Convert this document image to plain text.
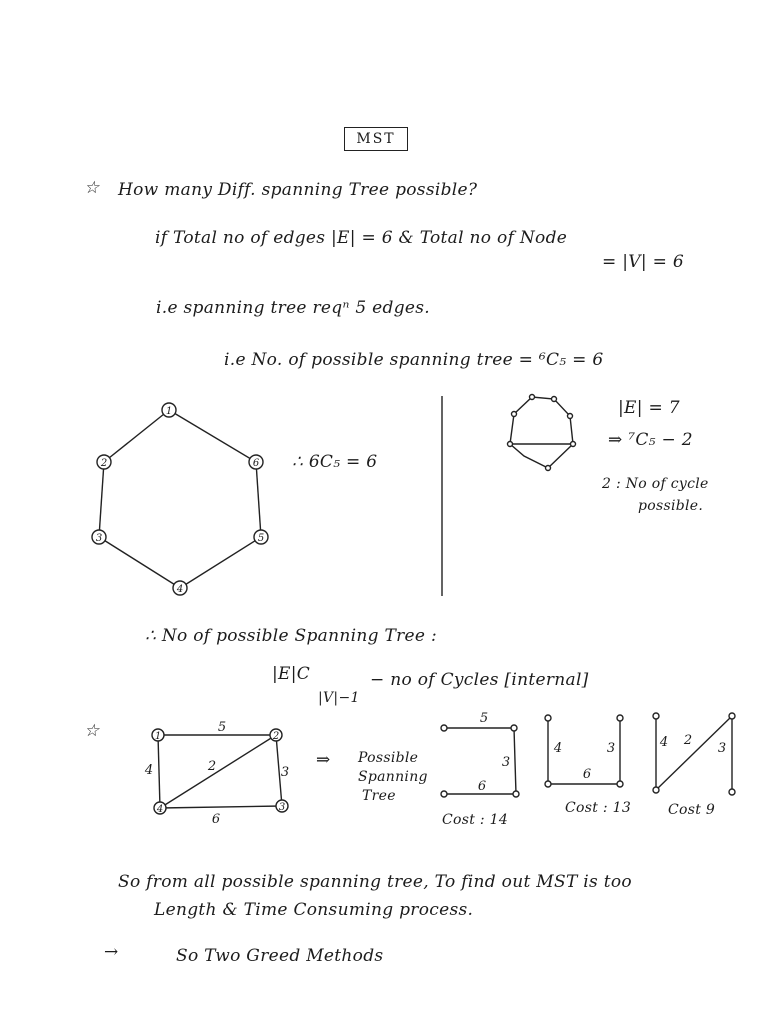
MST
☆ How many Diff. spanning Tree possible?
if Total no of edges |E| = 6 & Total no of Node
= |V| = 6
i.e spanning tree reqⁿ 5 edges.
i.e No. of possible spanning tree = ⁶C₅ = 6
∴ 6C₅ = 6
|E| = 7
⇒ ⁷C₅ − 2
2 : No of cycle
possible.
∴ No of possible Spanning Tree :
|E|C
|V|−1
− no of Cycles [internal]
☆
⇒ Possible
Spanning
Tree
Cost : 14
Cost : 13	Cost 9
So from all possible spanning tree, To find out MST is too
Length & Time Consuming process.
→	So Two Greed Methods
1
6
5
4
3
2
1	2
3
4
5
4	2	3
6
5
3
6
4	3
6
4 2
3
